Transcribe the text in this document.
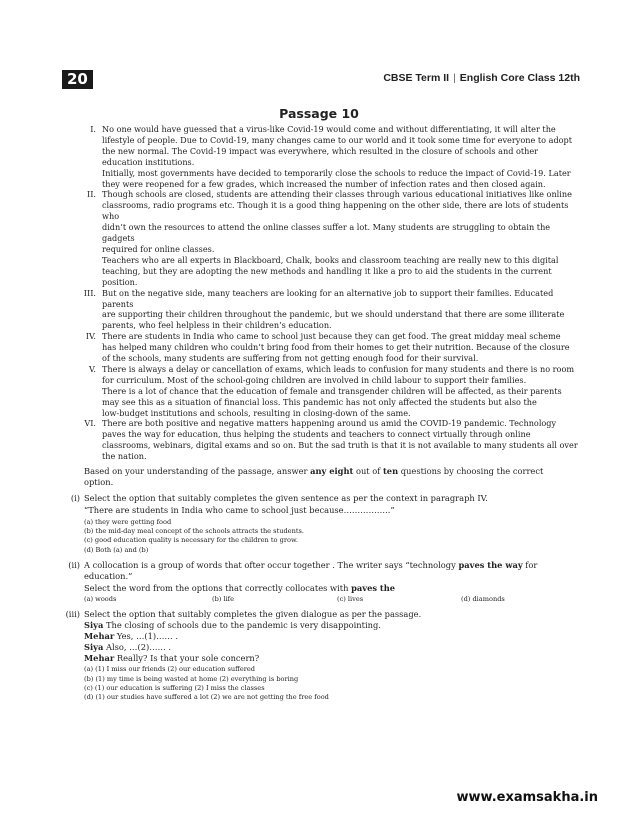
20	CBSE Term II | English Core Class 12th
Passage 10
I. No one would have guessed that a virus-like Covid-19 would come and without differentiating, it will alter the
lifestyle of people. Due to Covid-19, many changes came to our world and it took some time for everyone to adopt
the new normal. The Covid-19 impact was everywhere, which resulted in the closure of schools and other
education institutions.
Initially, most governments have decided to temporarily close the schools to reduce the impact of Covid-19. Later
they were reopened for a few grades, which increased the number of infection rates and then closed again.
II. Though schools are closed, students are attending their classes through various educational initiatives like online
classrooms, radio programs etc. Though it is a good thing happening on the other side, there are lots of students who
didn’t own the resources to attend the online classes suffer a lot. Many students are struggling to obtain the gadgets
required for online classes.
Teachers who are all experts in Blackboard, Chalk, books and classroom teaching are really new to this digital
teaching, but they are adopting the new methods and handling it like a pro to aid the students in the current
position.
III. But on the negative side, many teachers are looking for an alternative job to support their families. Educated parents
are supporting their children throughout the pandemic, but we should understand that there are some illiterate
parents, who feel helpless in their children’s education.
IV. There are students in India who came to school just because they can get food. The great midday meal scheme
has helped many children who couldn’t bring food from their homes to get their nutrition. Because of the closure
of the schools, many students are suffering from not getting enough food for their survival.
V. There is always a delay or cancellation of exams, which leads to confusion for many students and there is no room
for curriculum. Most of the school-going children are involved in child labour to support their families.
There is a lot of chance that the education of female and transgender children will be affected, as their parents
may see this as a situation of financial loss. This pandemic has not only affected the students but also the
low-budget institutions and schools, resulting in closing-down of the same.
VI. There are both positive and negative matters happening around us amid the COVID-19 pandemic. Technology
paves the way for education, thus helping the students and teachers to connect virtually through online
classrooms, webinars, digital exams and so on. But the sad truth is that it is not available to many students all over
the nation.
Based on your understanding of the passage, answer any eight out of ten questions by choosing the correct
option.
(i) Select the option that suitably completes the given sentence as per the context in paragraph IV.
“There are students in India who came to school just because……………..”
(a) they were getting food
(b) the mid-day meal concept of the schools attracts the students.
(c) good education quality is necessary for the children to grow.
(d) Both (a) and (b)
(ii) A collocation is a group of words that ofter occur together . The writer says “technology paves the way for
education.”
Select the word from the options that correctly collocates with paves the
(a) woods	(b) life	(c) lives	(d) diamonds
(iii) Select the option that suitably completes the given dialogue as per the passage.
Siya The closing of schools due to the pandemic is very disappointing.
Mehar Yes, …(1)…… .
Siya Also, …(2)…… .
Mehar Really? Is that your sole concern?
(a) (1) I miss our friends (2) our education suffered
(b) (1) my time is being wasted at home (2) everything is boring
(c) (1) our education is suffering (2) I miss the classes
(d) (1) our studies have suffered a lot (2) we are not getting the free food
www.examsakha.in
